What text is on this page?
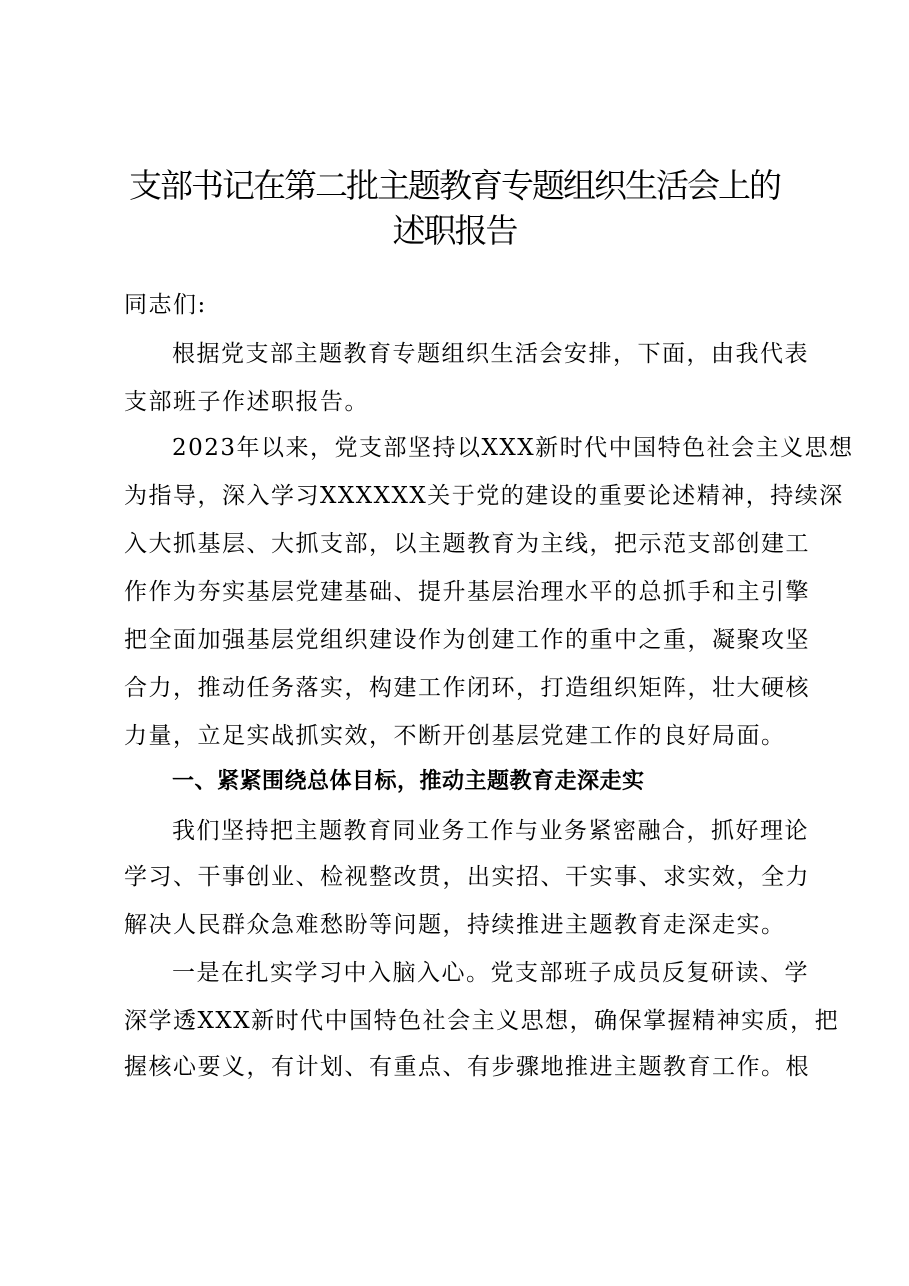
支部书记在第二批主题教育专题组织生活会上的
述职报告
同志们:
根据党支部主题教育专题组织生活会安排，下面，由我代表
支部班子作述职报告。
2023年以来，党支部坚持以XXX新时代中国特色社会主义思想
为指导，深入学习XXXXXX关于党的建设的重要论述精神，持续深
入大抓基层、大抓支部，以主题教育为主线，把示范支部创建工
作作为夯实基层党建基础、提升基层治理水平的总抓手和主引擎
把全面加强基层党组织建设作为创建工作的重中之重，凝聚攻坚
合力，推动任务落实，构建工作闭环，打造组织矩阵，壮大硬核
力量，立足实战抓实效，不断开创基层党建工作的良好局面。
一、紧紧围绕总体目标，推动主题教育走深走实
我们坚持把主题教育同业务工作与业务紧密融合，抓好理论
学习、干事创业、检视整改贯，出实招、干实事、求实效，全力
解决人民群众急难愁盼等问题，持续推进主题教育走深走实。
一是在扎实学习中入脑入心。党支部班子成员反复研读、学
深学透XXX新时代中国特色社会主义思想，确保掌握精神实质，把
握核心要义，有计划、有重点、有步骤地推进主题教育工作。根
